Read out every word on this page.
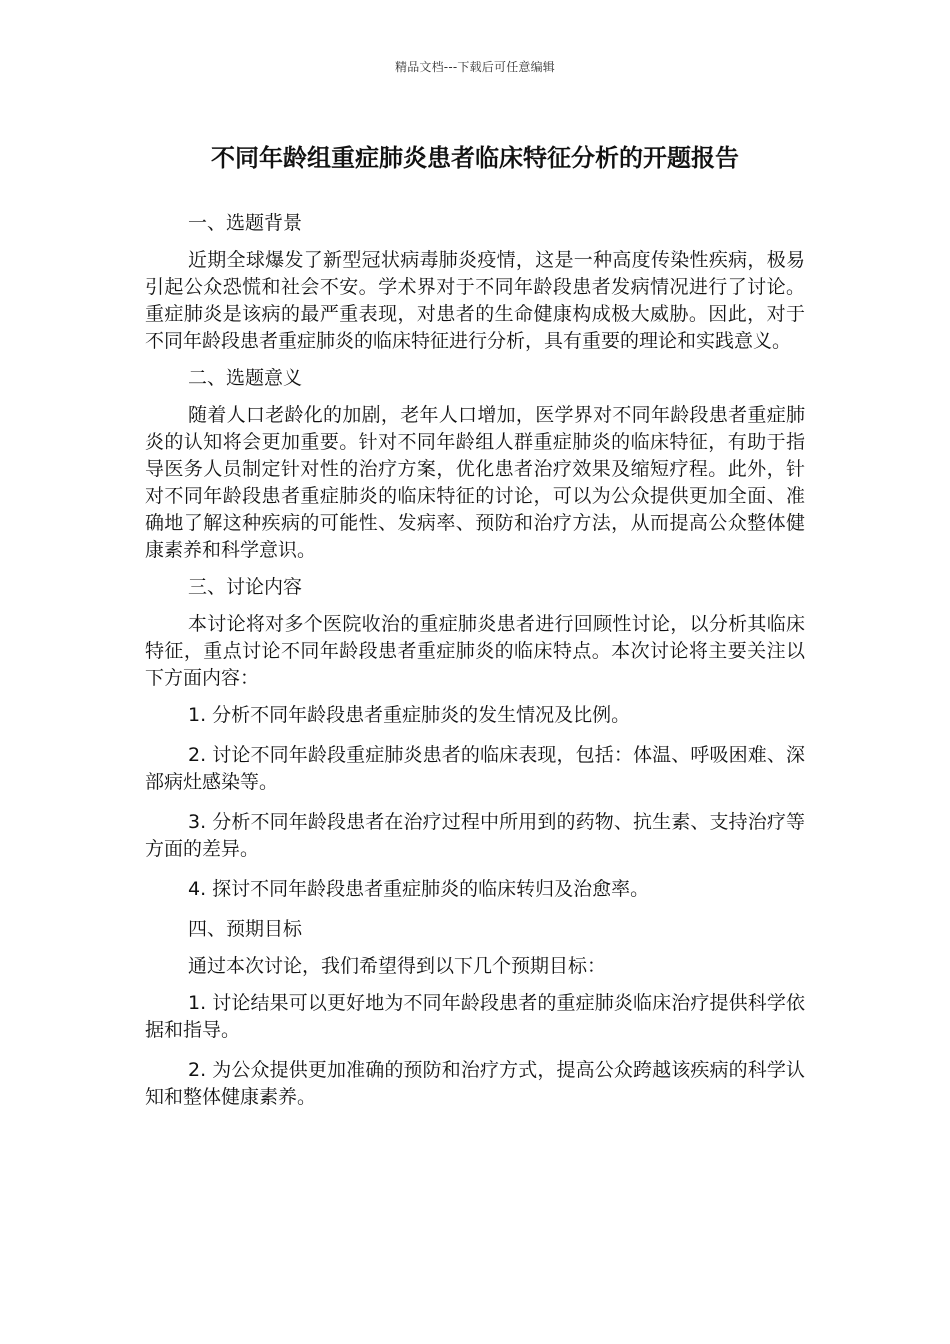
精品文档---下载后可任意编辑
不同年龄组重症肺炎患者临床特征分析的开题报告

一、选题背景

近期全球爆发了新型冠状病毒肺炎疫情，这是一种高度传染性疾病，极易引起公众恐慌和社会不安。学术界对于不同年龄段患者发病情况进行了讨论。重症肺炎是该病的最严重表现，对患者的生命健康构成极大威胁。因此，对于不同年龄段患者重症肺炎的临床特征进行分析，具有重要的理论和实践意义。

二、选题意义

随着人口老龄化的加剧，老年人口增加，医学界对不同年龄段患者重症肺炎的认知将会更加重要。针对不同年龄组人群重症肺炎的临床特征，有助于指导医务人员制定针对性的治疗方案，优化患者治疗效果及缩短疗程。此外，针对不同年龄段患者重症肺炎的临床特征的讨论，可以为公众提供更加全面、准确地了解这种疾病的可能性、发病率、预防和治疗方法，从而提高公众整体健康素养和科学意识。

三、讨论内容

本讨论将对多个医院收治的重症肺炎患者进行回顾性讨论，以分析其临床特征，重点讨论不同年龄段患者重症肺炎的临床特点。本次讨论将主要关注以下方面内容：

1. 分析不同年龄段患者重症肺炎的发生情况及比例。

2. 讨论不同年龄段重症肺炎患者的临床表现，包括：体温、呼吸困难、深部病灶感染等。

3. 分析不同年龄段患者在治疗过程中所用到的药物、抗生素、支持治疗等方面的差异。

4. 探讨不同年龄段患者重症肺炎的临床转归及治愈率。

四、预期目标

通过本次讨论，我们希望得到以下几个预期目标：

1. 讨论结果可以更好地为不同年龄段患者的重症肺炎临床治疗提供科学依据和指导。

2. 为公众提供更加准确的预防和治疗方式，提高公众跨越该疾病的科学认知和整体健康素养。
